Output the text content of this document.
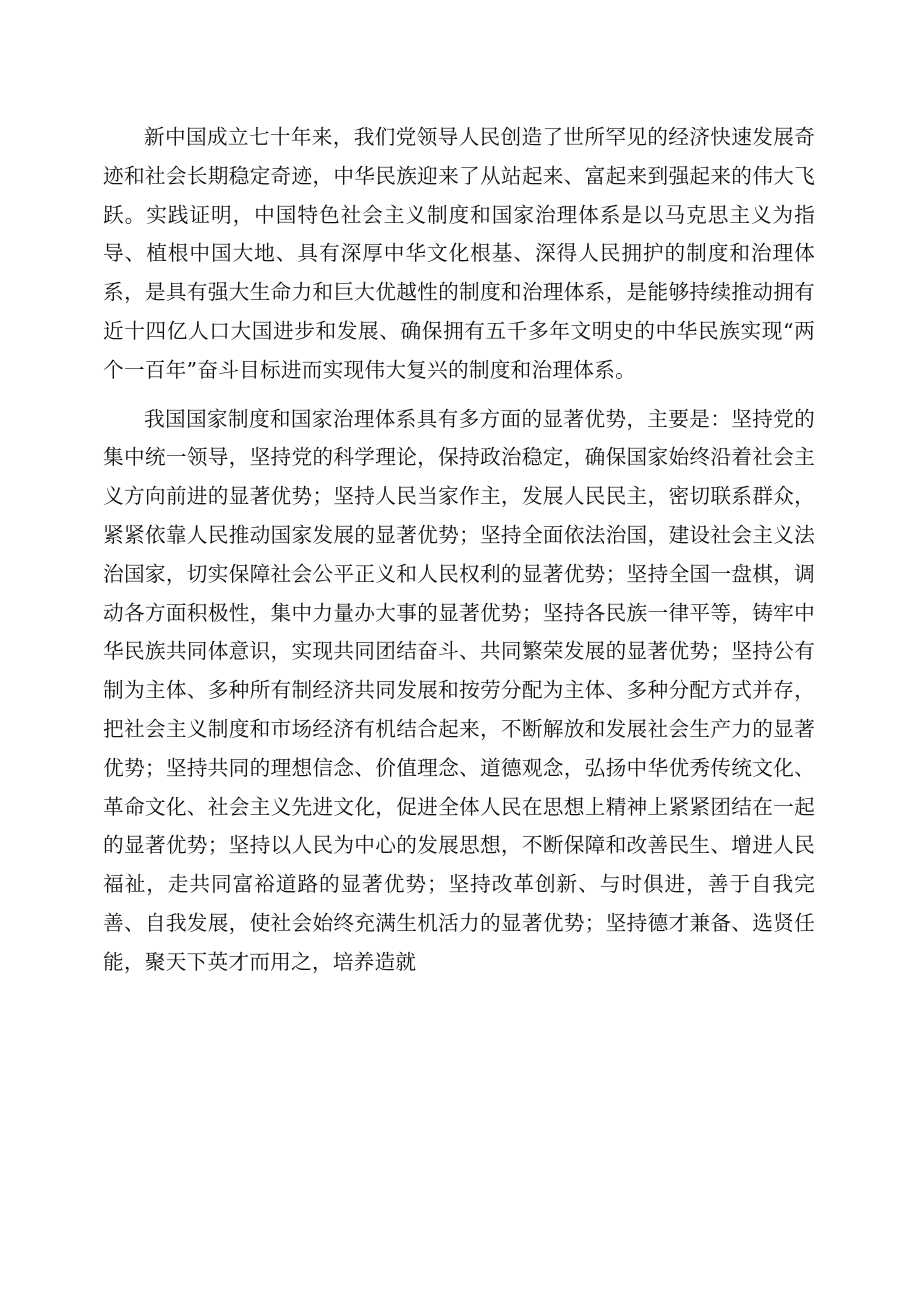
新中国成立七十年来，我们党领导人民创造了世所罕见的经济快速发展奇迹和社会长期稳定奇迹，中华民族迎来了从站起来、富起来到强起来的伟大飞跃。实践证明，中国特色社会主义制度和国家治理体系是以马克思主义为指导、植根中国大地、具有深厚中华文化根基、深得人民拥护的制度和治理体系，是具有强大生命力和巨大优越性的制度和治理体系，是能够持续推动拥有近十四亿人口大国进步和发展、确保拥有五千多年文明史的中华民族实现“两个一百年”奋斗目标进而实现伟大复兴的制度和治理体系。

我国国家制度和国家治理体系具有多方面的显著优势，主要是：坚持党的集中统一领导，坚持党的科学理论，保持政治稳定，确保国家始终沿着社会主义方向前进的显著优势；坚持人民当家作主，发展人民民主，密切联系群众，紧紧依靠人民推动国家发展的显著优势；坚持全面依法治国，建设社会主义法治国家，切实保障社会公平正义和人民权利的显著优势；坚持全国一盘棋，调动各方面积极性，集中力量办大事的显著优势；坚持各民族一律平等，铸牢中华民族共同体意识，实现共同团结奋斗、共同繁荣发展的显著优势；坚持公有制为主体、多种所有制经济共同发展和按劳分配为主体、多种分配方式并存，把社会主义制度和市场经济有机结合起来，不断解放和发展社会生产力的显著优势；坚持共同的理想信念、价值理念、道德观念，弘扬中华优秀传统文化、革命文化、社会主义先进文化，促进全体人民在思想上精神上紧紧团结在一起的显著优势；坚持以人民为中心的发展思想，不断保障和改善民生、增进人民福祉，走共同富裕道路的显著优势；坚持改革创新、与时俱进，善于自我完善、自我发展，使社会始终充满生机活力的显著优势；坚持德才兼备、选贤任能，聚天下英才而用之，培养造就
